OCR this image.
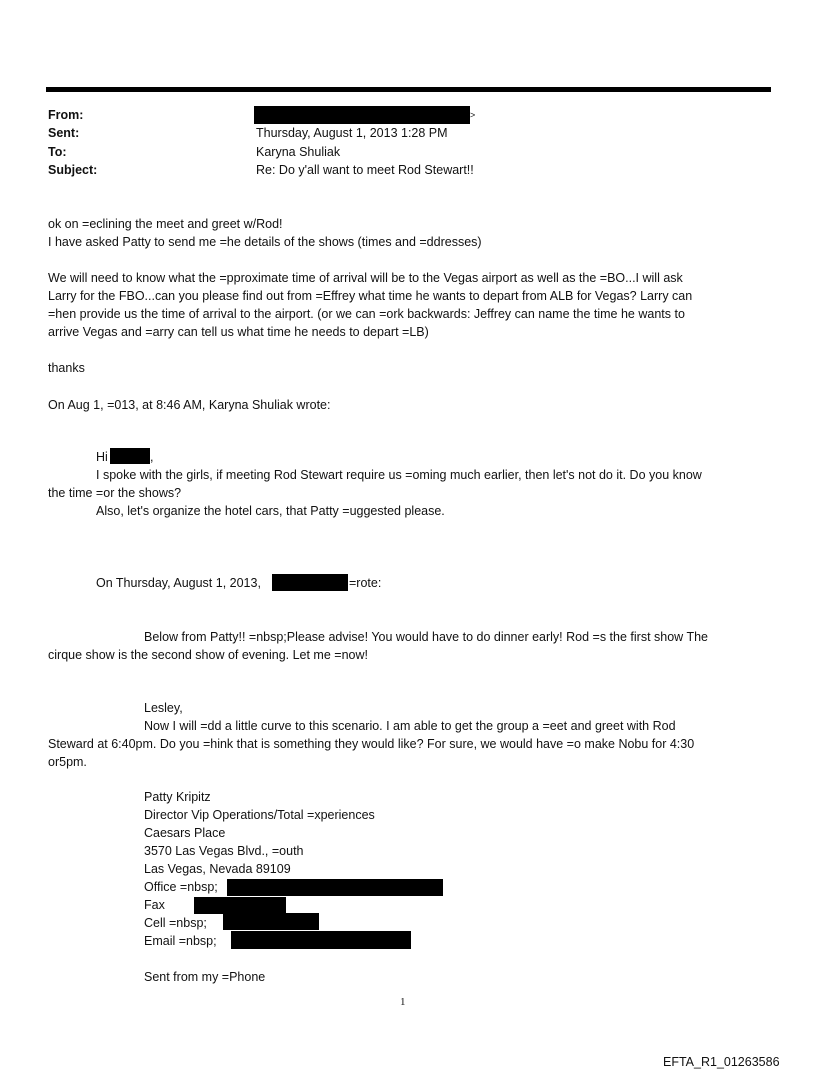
From:	>
Sent:	Thursday, August 1, 2013 1:28 PM
To:	Karyna Shuliak
Subject:	Re: Do y'all want to meet Rod Stewart!!
ok on =eclining the meet and greet w/Rod!
I have asked Patty to send me =he details of the shows (times and =ddresses)
We will need to know what the =pproximate time of arrival will be to the Vegas airport as well as the =BO...I will ask
Larry for the FBO...can you please find out from =Effrey what time he wants to depart from ALB for Vegas? Larry can
=hen provide us the time of arrival to the airport. (or we can =ork backwards: Jeffrey can name the time he wants to
arrive Vegas and =arry can tell us what time he needs to depart =LB)
thanks
On Aug 1, =013, at 8:46 AM, Karyna Shuliak wrote:
Hi	,
I spoke with the girls, if meeting Rod Stewart require us =oming much earlier, then let's not do it. Do you know
the time =or the shows?
Also, let's organize the hotel cars, that Patty =uggested please.
On Thursday, August 1, 2013,	=rote:
Below from Patty!! =nbsp;Please advise! You would have to do dinner early! Rod =s the first show The
cirque show is the second show of evening. Let me =now!
Lesley,
Now I will =dd a little curve to this scenario. I am able to get the group a =eet and greet with Rod
Steward at 6:40pm. Do you =hink that is something they would like? For sure, we would have =o make Nobu for 4:30
or5pm.
Patty Kripitz
Director Vip Operations/Total =xperiences
Caesars Place
3570 Las Vegas Blvd., =outh
Las Vegas, Nevada 89109
Office =nbsp;
Fax
Cell =nbsp;
Email =nbsp;
Sent from my =Phone
1
EFTA_R1_01263586
